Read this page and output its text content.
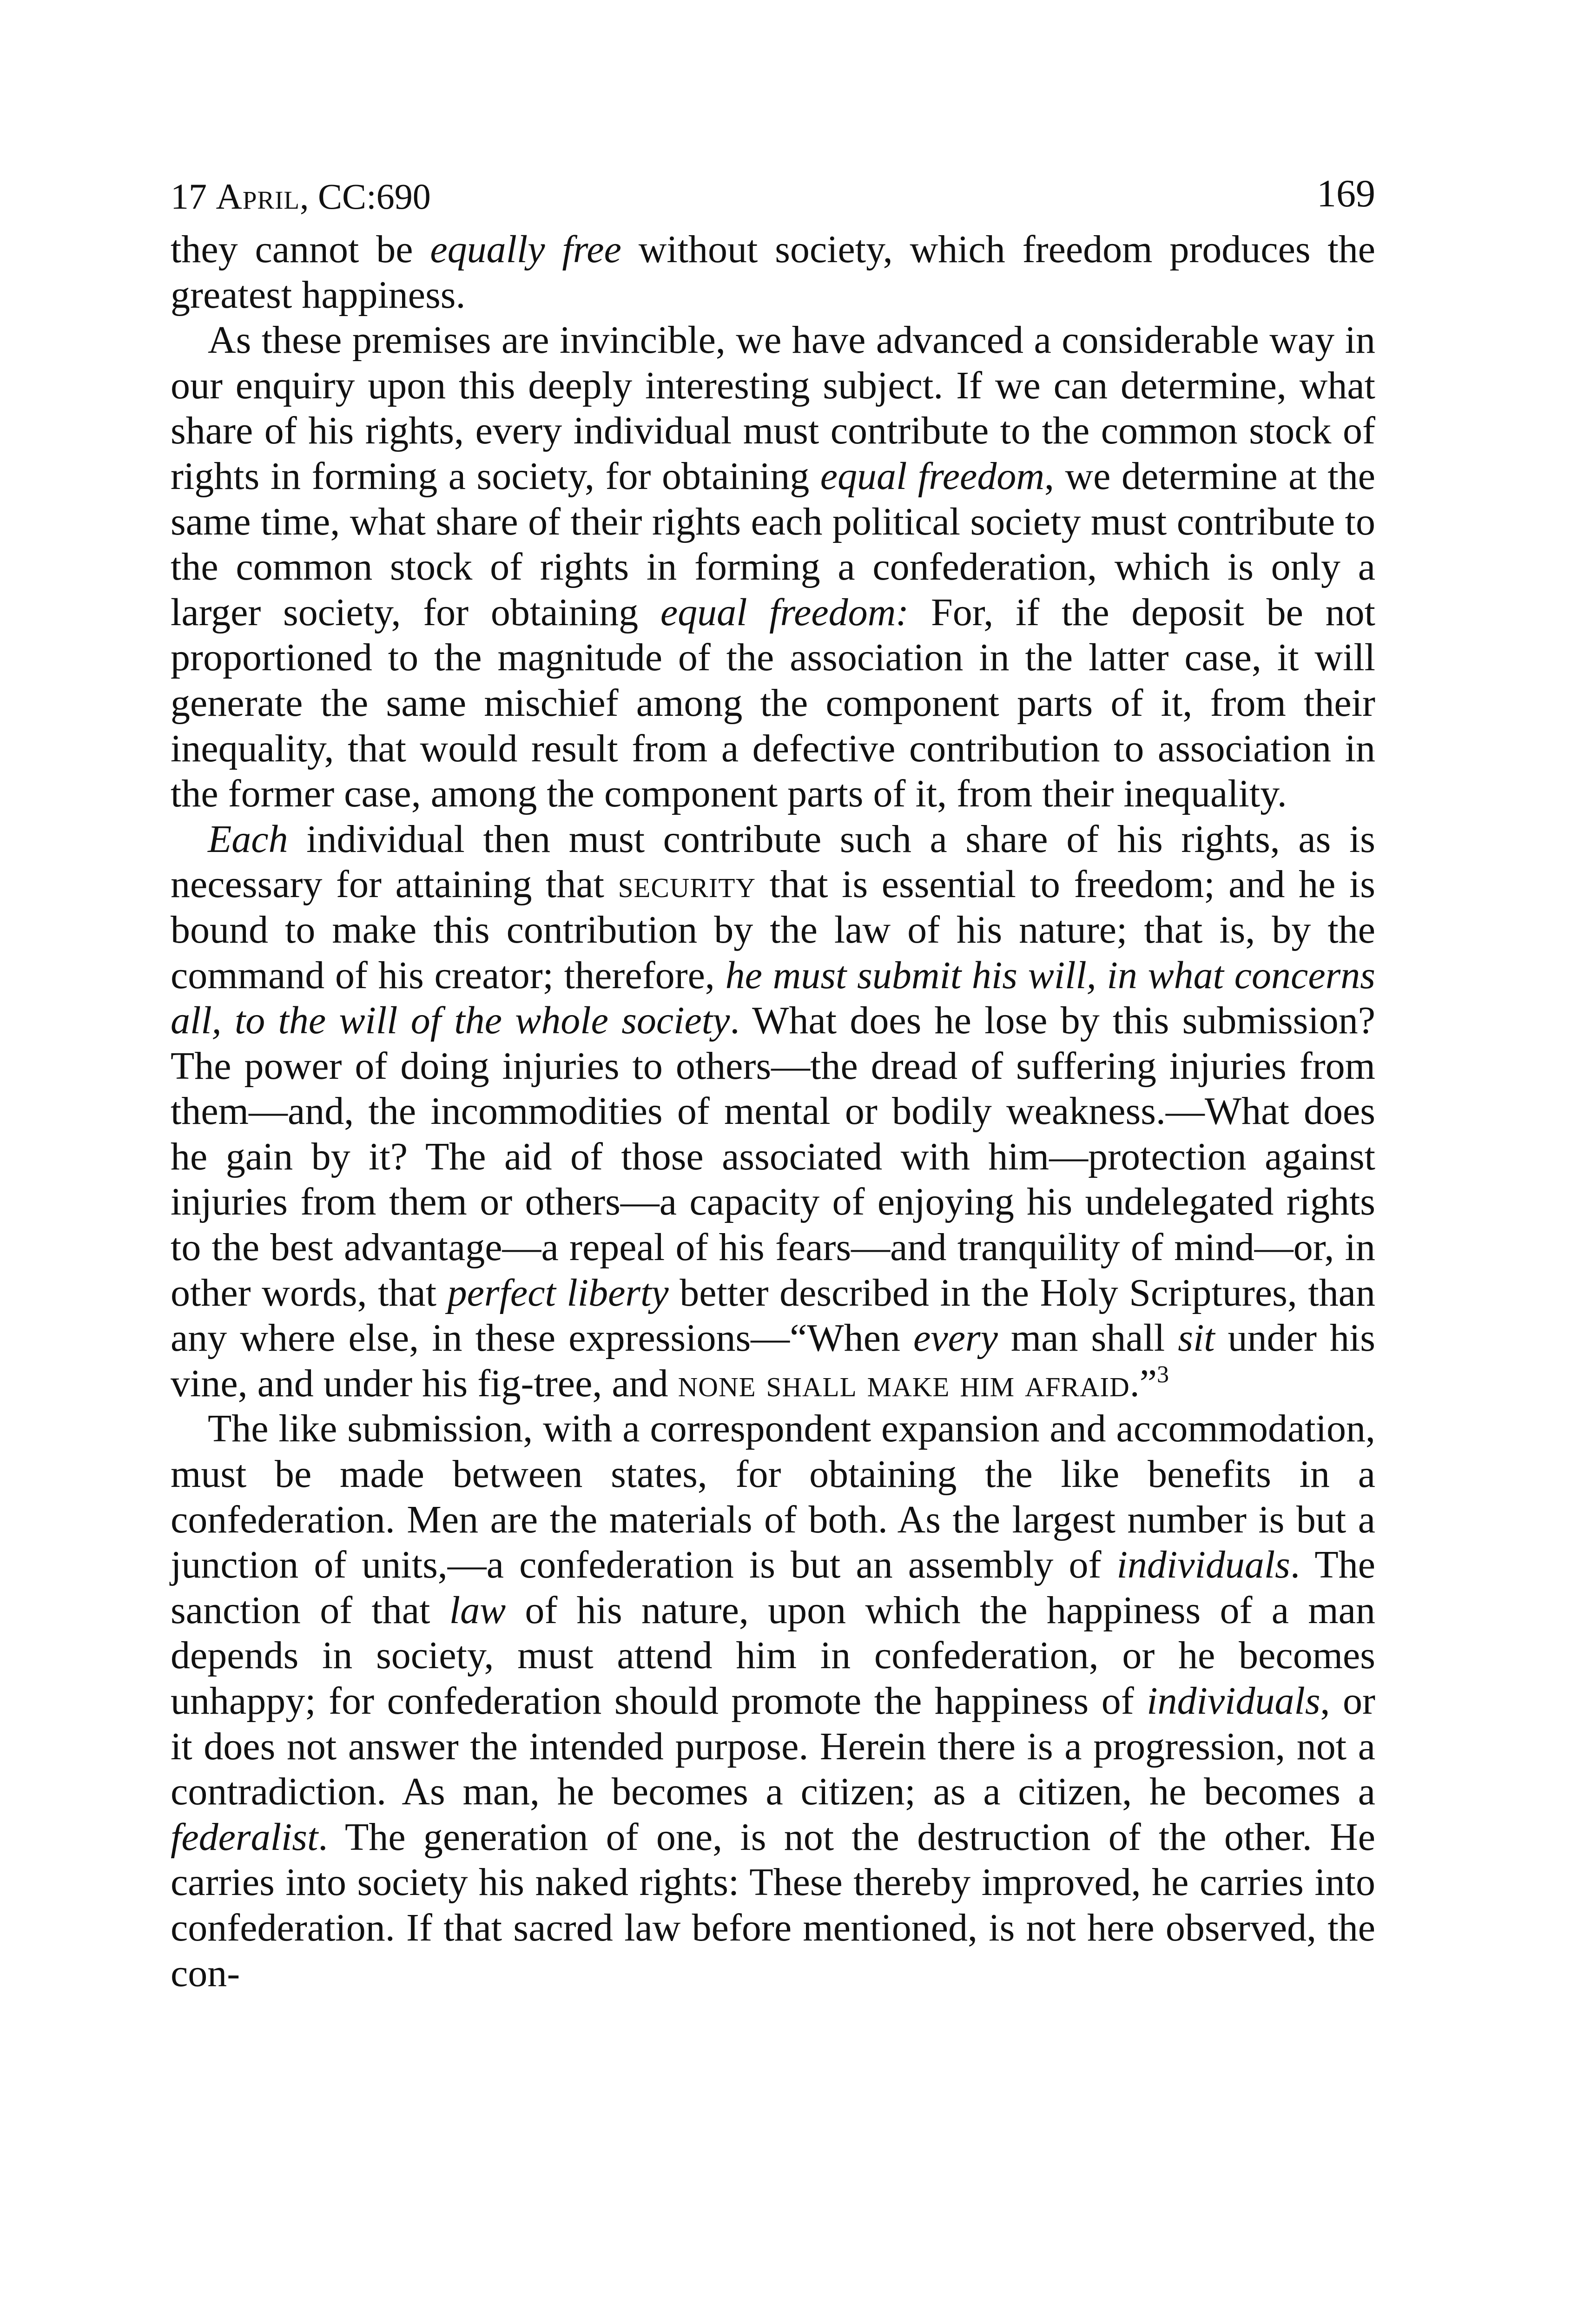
17 April, CC:690	169

they cannot be equally free without society, which freedom produces the greatest happiness.

As these premises are invincible, we have advanced a considerable way in our enquiry upon this deeply interesting subject. If we can determine, what share of his rights, every individual must contribute to the common stock of rights in forming a society, for obtaining equal freedom, we determine at the same time, what share of their rights each political society must contribute to the common stock of rights in forming a confederation, which is only a larger society, for obtaining equal freedom: For, if the deposit be not proportioned to the magnitude of the association in the latter case, it will generate the same mischief among the component parts of it, from their inequality, that would result from a defective contribution to association in the former case, among the component parts of it, from their inequality.

Each individual then must contribute such a share of his rights, as is necessary for attaining that security that is essential to freedom; and he is bound to make this contribution by the law of his nature; that is, by the command of his creator; therefore, he must submit his will, in what concerns all, to the will of the whole society. What does he lose by this submission? The power of doing injuries to others—the dread of suffering injuries from them—and, the incommodities of mental or bodily weakness.—What does he gain by it? The aid of those associated with him—protection against injuries from them or others—a capacity of enjoying his undelegated rights to the best advantage—a repeal of his fears—and tranquility of mind—or, in other words, that perfect liberty better described in the Holy Scriptures, than any where else, in these expressions—“When every man shall sit under his vine, and under his fig-tree, and none shall make him afraid.”$^3$

The like submission, with a correspondent expansion and accommodation, must be made between states, for obtaining the like benefits in a confederation. Men are the materials of both. As the largest number is but a junction of units,—a confederation is but an assembly of individuals. The sanction of that law of his nature, upon which the happiness of a man depends in society, must attend him in confederation, or he becomes unhappy; for confederation should promote the happiness of individuals, or it does not answer the intended purpose. Herein there is a progression, not a contradiction. As man, he becomes a citizen; as a citizen, he becomes a federalist. The generation of one, is not the destruction of the other. He carries into society his naked rights: These thereby improved, he carries into confederation. If that sacred law before mentioned, is not here observed, the con-
